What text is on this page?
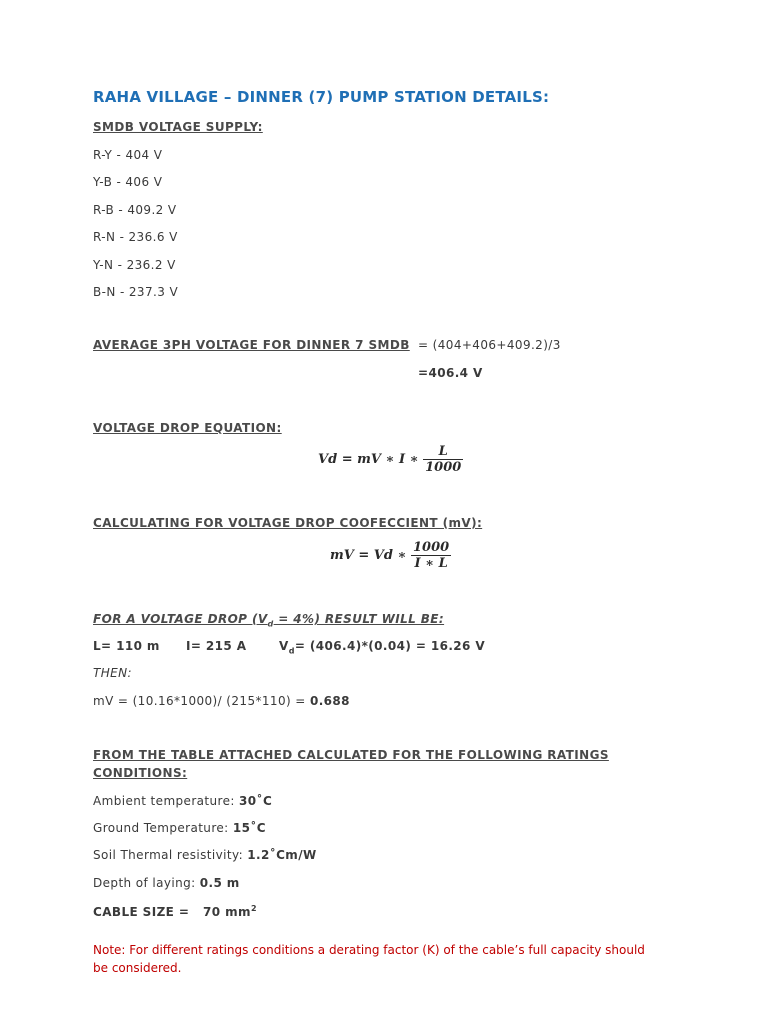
RAHA VILLAGE – DINNER (7) PUMP STATION DETAILS:
SMDB VOLTAGE SUPPLY:
R-Y - 404 V
Y-B - 406 V
R-B - 409.2 V
R-N - 236.6 V
Y-N - 236.2 V
B-N - 237.3 V
AVERAGE 3PH VOLTAGE FOR DINNER 7 SMDB = (404+406+409.2)/3
=406.4 V
VOLTAGE DROP EQUATION:
Vd = mV ∗ I ∗ $\frac{L}{1000}$
CALCULATING FOR VOLTAGE DROP COOFECCIENT (mV):
mV = Vd ∗ $\frac{1000}{I ∗ L}$
FOR A VOLTAGE DROP $(V_d = 4\%)$ RESULT WILL BE:
L= 110 m I= 215 A	$V_d= (406.4)*(0.04) = 16.26$ V
THEN:
mV = (10.16*1000)/ (215*110) = 0.688
FROM THE TABLE ATTACHED CALCULATED FOR THE FOLLOWING RATINGS
CONDITIONS:
Ambient temperature: 30˚C
Ground Temperature: 15˚C
Soil Thermal resistivity: 1.2˚Cm/W
Depth of laying: 0.5 m
CABLE SIZE = 70 $mm^2$
Note: For different ratings conditions a derating factor (K) of the cable’s full capacity should be considered.
